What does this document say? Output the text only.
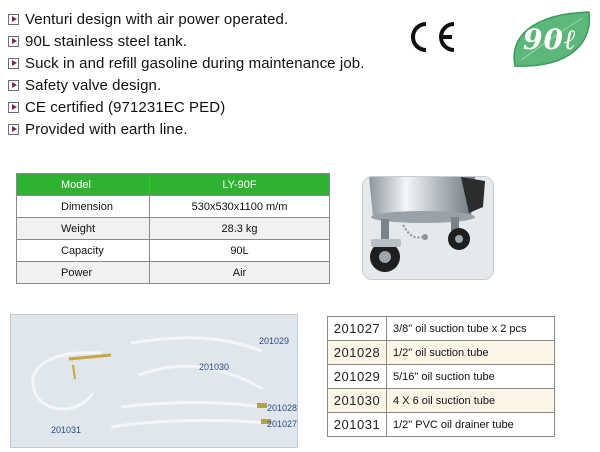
Venturi design with air power operated.
90L stainless steel tank.
Suck in and refill gasoline during maintenance job.
Safety valve design.
CE certified (971231EC PED)
Provided with earth line.
90ℓ
Model	LY-90F
Dimension	530x530x1100 m/m
Weight	28.3 kg
Capacity	90L
Power	Air
201029
201030
201028
201027
201031
201027	3/8" oil suction tube x 2 pcs
201028	1/2" oil suction tube
201029	5/16" oil suction tube
201030	4 X 6 oil suction tube
201031	1/2" PVC oil drainer tube
